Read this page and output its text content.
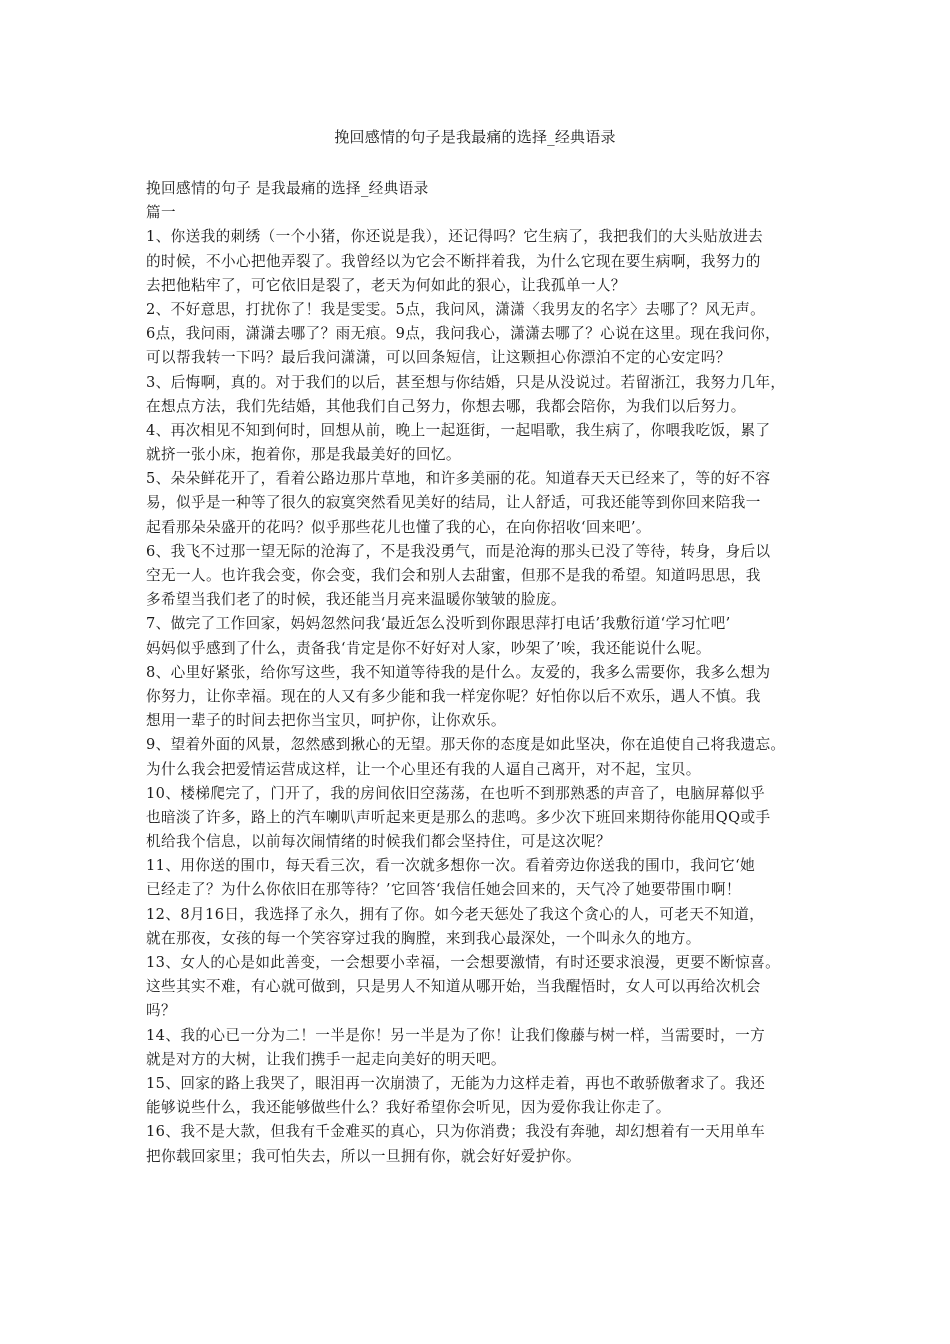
挽回感情的句子是我最痛的选择_经典语录
挽回感情的句子 是我最痛的选择_经典语录
篇一
1、你送我的刺绣（一个小猪，你还说是我），还记得吗？它生病了，我把我们的大头贴放进去
的时候，不小心把他弄裂了。我曾经以为它会不断拌着我，为什么它现在要生病啊，我努力的
去把他粘牢了，可它依旧是裂了，老天为何如此的狠心，让我孤单一人？
2、不好意思，打扰你了！我是雯雯。5点，我问风，潇潇〈我男友的名字〉去哪了？风无声。
6点，我问雨，潇潇去哪了？雨无痕。9点，我问我心，潇潇去哪了？心说在这里。现在我问你，
可以帮我转一下吗？最后我问潇潇，可以回条短信，让这颗担心你漂泊不定的心安定吗？
3、后悔啊，真的。对于我们的以后，甚至想与你结婚，只是从没说过。若留浙江，我努力几年，
在想点方法，我们先结婚，其他我们自己努力，你想去哪，我都会陪你，为我们以后努力。
4、再次相见不知到何时，回想从前，晚上一起逛街，一起唱歌，我生病了，你喂我吃饭，累了
就挤一张小床，抱着你，那是我最美好的回忆。
5、朵朵鲜花开了，看着公路边那片草地，和许多美丽的花。知道春天天已经来了，等的好不容
易，似乎是一种等了很久的寂寞突然看见美好的结局，让人舒适，可我还能等到你回来陪我一
起看那朵朵盛开的花吗？似乎那些花儿也懂了我的心，在向你招收‘回来吧’。
6、我飞不过那一望无际的沧海了，不是我没勇气，而是沧海的那头已没了等待，转身，身后以
空无一人。也许我会变，你会变，我们会和别人去甜蜜，但那不是我的希望。知道吗思思，我
多希望当我们老了的时候，我还能当月亮来温暖你皱皱的脸庞。
7、做完了工作回家，妈妈忽然问我‘最近怎么没听到你跟思萍打电话’我敷衍道‘学习忙吧’
妈妈似乎感到了什么，责备我‘肯定是你不好好对人家，吵架了’唉，我还能说什么呢。
8、心里好紧张，给你写这些，我不知道等待我的是什么。友爱的，我多么需要你，我多么想为
你努力，让你幸福。现在的人又有多少能和我一样宠你呢？好怕你以后不欢乐，遇人不慎。我
想用一辈子的时间去把你当宝贝，呵护你，让你欢乐。
9、望着外面的风景，忽然感到揪心的无望。那天你的态度是如此坚决，你在追使自己将我遗忘。
为什么我会把爱情运营成这样，让一个心里还有我的人逼自己离开，对不起，宝贝。
10、楼梯爬完了，门开了，我的房间依旧空荡荡，在也听不到那熟悉的声音了，电脑屏幕似乎
也暗淡了许多，路上的汽车喇叭声听起来更是那么的悲鸣。多少次下班回来期待你能用QQ或手
机给我个信息，以前每次闹情绪的时候我们都会坚持住，可是这次呢？
11、用你送的围巾，每天看三次，看一次就多想你一次。看着旁边你送我的围巾，我问它‘她
已经走了？为什么你依旧在那等待？’它回答‘我信任她会回来的，天气冷了她要带围巾啊！
12、8月16日，我选择了永久，拥有了你。如今老天惩处了我这个贪心的人，可老天不知道，
就在那夜，女孩的每一个笑容穿过我的胸膛，来到我心最深处，一个叫永久的地方。
13、女人的心是如此善变，一会想要小幸福，一会想要激情，有时还要求浪漫，更要不断惊喜。
这些其实不难，有心就可做到，只是男人不知道从哪开始，当我醒悟时，女人可以再给次机会
吗？
14、我的心已一分为二！一半是你！另一半是为了你！让我们像藤与树一样，当需要时，一方
就是对方的大树，让我们携手一起走向美好的明天吧。
15、回家的路上我哭了，眼泪再一次崩溃了，无能为力这样走着，再也不敢骄傲奢求了。我还
能够说些什么，我还能够做些什么？我好希望你会听见，因为爱你我让你走了。
16、我不是大款，但我有千金难买的真心，只为你消费；我没有奔驰，却幻想着有一天用单车
把你载回家里；我可怕失去，所以一旦拥有你，就会好好爱护你。
